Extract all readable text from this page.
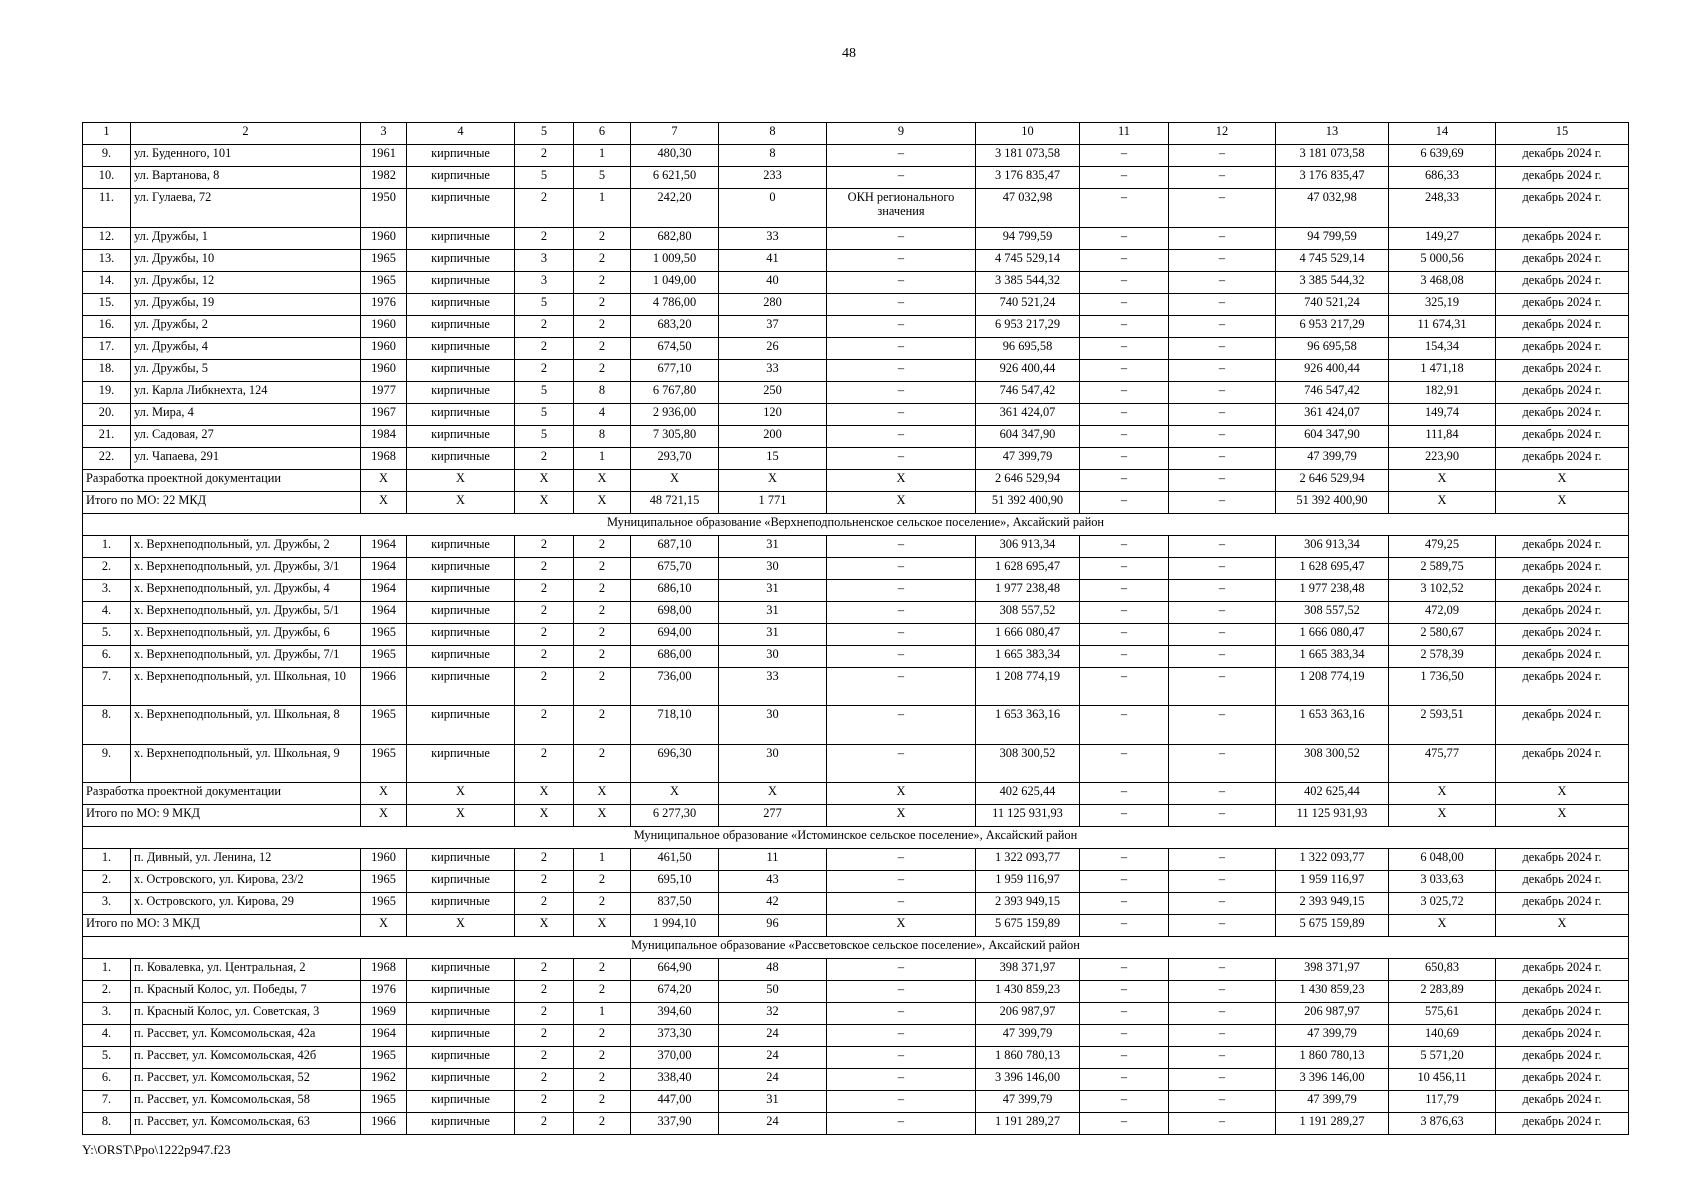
48
1	2	3	4	5	6	7	8	9	10	11	12	13	14	15
9.	ул. Буденного, 101	1961	кирпичные	2	1	480,30	8	–	3 181 073,58	–	–	3 181 073,58	6 639,69	декабрь 2024 г.
10.	ул. Вартанова, 8	1982	кирпичные	5	5	6 621,50	233	–	3 176 835,47	–	–	3 176 835,47	686,33	декабрь 2024 г.
11.	ул. Гулаева, 72	1950	кирпичные	2	1	242,20	0	ОКН регионального значения	47 032,98	–	–	47 032,98	248,33	декабрь 2024 г.
12.	ул. Дружбы, 1	1960	кирпичные	2	2	682,80	33	–	94 799,59	–	–	94 799,59	149,27	декабрь 2024 г.
13.	ул. Дружбы, 10	1965	кирпичные	3	2	1 009,50	41	–	4 745 529,14	–	–	4 745 529,14	5 000,56	декабрь 2024 г.
14.	ул. Дружбы, 12	1965	кирпичные	3	2	1 049,00	40	–	3 385 544,32	–	–	3 385 544,32	3 468,08	декабрь 2024 г.
15.	ул. Дружбы, 19	1976	кирпичные	5	2	4 786,00	280	–	740 521,24	–	–	740 521,24	325,19	декабрь 2024 г.
16.	ул. Дружбы, 2	1960	кирпичные	2	2	683,20	37	–	6 953 217,29	–	–	6 953 217,29	11 674,31	декабрь 2024 г.
17.	ул. Дружбы, 4	1960	кирпичные	2	2	674,50	26	–	96 695,58	–	–	96 695,58	154,34	декабрь 2024 г.
18.	ул. Дружбы, 5	1960	кирпичные	2	2	677,10	33	–	926 400,44	–	–	926 400,44	1 471,18	декабрь 2024 г.
19.	ул. Карла Либкнехта, 124	1977	кирпичные	5	8	6 767,80	250	–	746 547,42	–	–	746 547,42	182,91	декабрь 2024 г.
20.	ул. Мира, 4	1967	кирпичные	5	4	2 936,00	120	–	361 424,07	–	–	361 424,07	149,74	декабрь 2024 г.
21.	ул. Садовая, 27	1984	кирпичные	5	8	7 305,80	200	–	604 347,90	–	–	604 347,90	111,84	декабрь 2024 г.
22.	ул. Чапаева, 291	1968	кирпичные	2	1	293,70	15	–	47 399,79	–	–	47 399,79	223,90	декабрь 2024 г.
Разработка проектной документации		X	X	X	X	X	X	X	2 646 529,94	–	–	2 646 529,94	X	X
Итого по МО: 22 МКД		X	X	X	X	48 721,15	1 771	X	51 392 400,90	–	–	51 392 400,90	X	X
Муниципальное образование «Верхнеподпольненское сельское поселение», Аксайский район														
1.	х. Верхнеподпольный, ул. Дружбы, 2	1964	кирпичные	2	2	687,10	31	–	306 913,34	–	–	306 913,34	479,25	декабрь 2024 г.
2.	х. Верхнеподпольный, ул. Дружбы, 3/1	1964	кирпичные	2	2	675,70	30	–	1 628 695,47	–	–	1 628 695,47	2 589,75	декабрь 2024 г.
3.	х. Верхнеподпольный, ул. Дружбы, 4	1964	кирпичные	2	2	686,10	31	–	1 977 238,48	–	–	1 977 238,48	3 102,52	декабрь 2024 г.
4.	х. Верхнеподпольный, ул. Дружбы, 5/1	1964	кирпичные	2	2	698,00	31	–	308 557,52	–	–	308 557,52	472,09	декабрь 2024 г.
5.	х. Верхнеподпольный, ул. Дружбы, 6	1965	кирпичные	2	2	694,00	31	–	1 666 080,47	–	–	1 666 080,47	2 580,67	декабрь 2024 г.
6.	х. Верхнеподпольный, ул. Дружбы, 7/1	1965	кирпичные	2	2	686,00	30	–	1 665 383,34	–	–	1 665 383,34	2 578,39	декабрь 2024 г.
7.	х. Верхнеподпольный, ул. Школьная, 10	1966	кирпичные	2	2	736,00	33	–	1 208 774,19	–	–	1 208 774,19	1 736,50	декабрь 2024 г.
8.	х. Верхнеподпольный, ул. Школьная, 8	1965	кирпичные	2	2	718,10	30	–	1 653 363,16	–	–	1 653 363,16	2 593,51	декабрь 2024 г.
9.	х. Верхнеподпольный, ул. Школьная, 9	1965	кирпичные	2	2	696,30	30	–	308 300,52	–	–	308 300,52	475,77	декабрь 2024 г.
Разработка проектной документации		X	X	X	X	X	X	X	402 625,44	–	–	402 625,44	X	X
Итого по МО: 9 МКД		X	X	X	X	6 277,30	277	X	11 125 931,93	–	–	11 125 931,93	X	X
Муниципальное образование «Истоминское сельское поселение», Аксайский район														
1.	п. Дивный, ул. Ленина, 12	1960	кирпичные	2	1	461,50	11	–	1 322 093,77	–	–	1 322 093,77	6 048,00	декабрь 2024 г.
2.	х. Островского, ул. Кирова, 23/2	1965	кирпичные	2	2	695,10	43	–	1 959 116,97	–	–	1 959 116,97	3 033,63	декабрь 2024 г.
3.	х. Островского, ул. Кирова, 29	1965	кирпичные	2	2	837,50	42	–	2 393 949,15	–	–	2 393 949,15	3 025,72	декабрь 2024 г.
Итого по МО: 3 МКД		X	X	X	X	1 994,10	96	X	5 675 159,89	–	–	5 675 159,89	X	X
Муниципальное образование «Рассветовское сельское поселение», Аксайский район														
1.	п. Ковалевка, ул. Центральная, 2	1968	кирпичные	2	2	664,90	48	–	398 371,97	–	–	398 371,97	650,83	декабрь 2024 г.
2.	п. Красный Колос, ул. Победы, 7	1976	кирпичные	2	2	674,20	50	–	1 430 859,23	–	–	1 430 859,23	2 283,89	декабрь 2024 г.
3.	п. Красный Колос, ул. Советская, 3	1969	кирпичные	2	1	394,60	32	–	206 987,97	–	–	206 987,97	575,61	декабрь 2024 г.
4.	п. Рассвет, ул. Комсомольская, 42а	1964	кирпичные	2	2	373,30	24	–	47 399,79	–	–	47 399,79	140,69	декабрь 2024 г.
5.	п. Рассвет, ул. Комсомольская, 42б	1965	кирпичные	2	2	370,00	24	–	1 860 780,13	–	–	1 860 780,13	5 571,20	декабрь 2024 г.
6.	п. Рассвет, ул. Комсомольская, 52	1962	кирпичные	2	2	338,40	24	–	3 396 146,00	–	–	3 396 146,00	10 456,11	декабрь 2024 г.
7.	п. Рассвет, ул. Комсомольская, 58	1965	кирпичные	2	2	447,00	31	–	47 399,79	–	–	47 399,79	117,79	декабрь 2024 г.
8.	п. Рассвет, ул. Комсомольская, 63	1966	кирпичные	2	2	337,90	24	–	1 191 289,27	–	–	1 191 289,27	3 876,63	декабрь 2024 г.
Y:\ORST\Ppo\1222p947.f23
